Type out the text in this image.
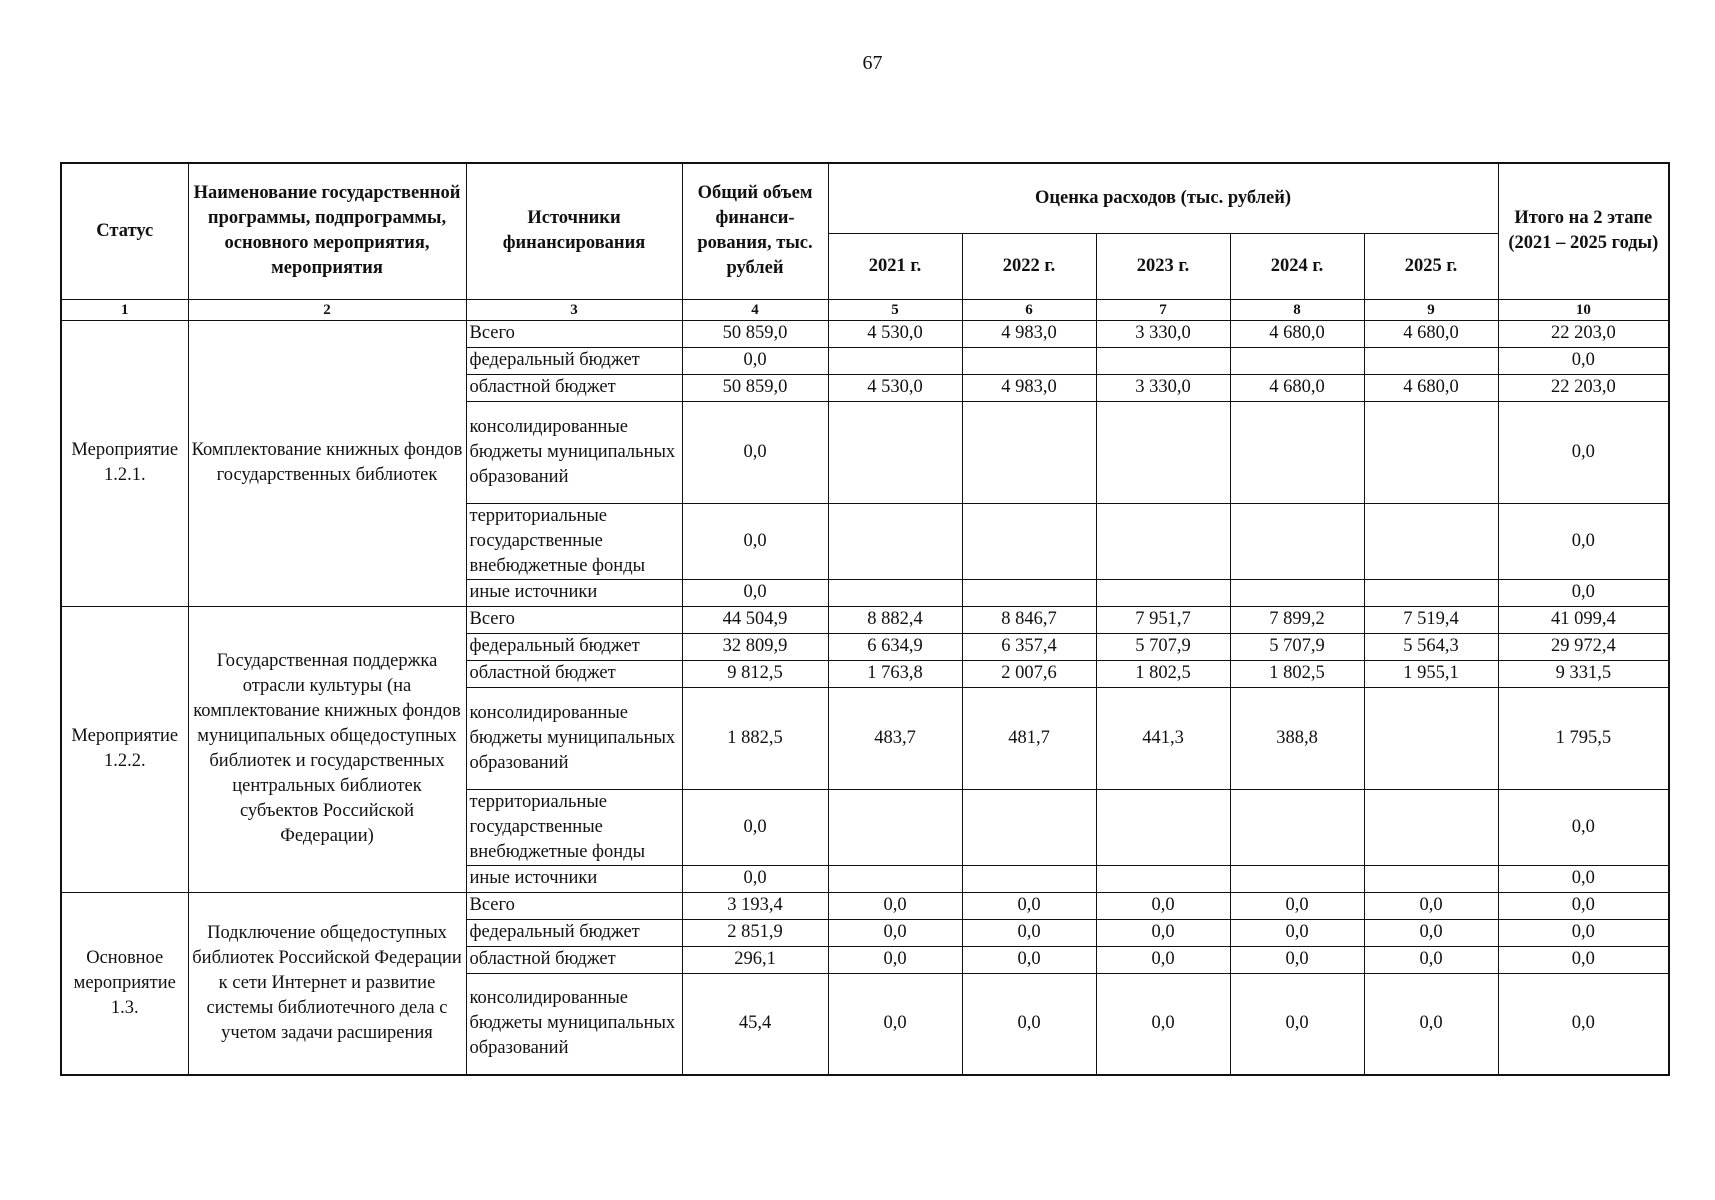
67
Статус	Наименование государственной программы, подпрограммы, основного мероприятия, мероприятия	Источники финансирования	Общий объем финанси-рования, тыс. рублей	Оценка расходов (тыс. рублей)					Итого на 2 этапе (2021 – 2025 годы)
				2021 г.	2022 г.	2023 г.	2024 г.	2025 г.	
1	2	3	4	5	6	7	8	9	10
Мероприятие 1.2.1.	Комплектование книжных фондов государственных библиотек	Всего	50 859,0	4 530,0	4 983,0	3 330,0	4 680,0	4 680,0	22 203,0
		федеральный бюджет	0,0						0,0
		областной бюджет	50 859,0	4 530,0	4 983,0	3 330,0	4 680,0	4 680,0	22 203,0
		консолидированные бюджеты муниципальных образований	0,0						0,0
		территориальные государственные внебюджетные фонды	0,0						0,0
		иные источники	0,0						0,0
Мероприятие 1.2.2.	Государственная поддержка отрасли культуры (на комплектование книжных фондов муниципальных общедоступных библиотек и государственных центральных библиотек субъектов Российской Федерации)	Всего	44 504,9	8 882,4	8 846,7	7 951,7	7 899,2	7 519,4	41 099,4
		федеральный бюджет	32 809,9	6 634,9	6 357,4	5 707,9	5 707,9	5 564,3	29 972,4
		областной бюджет	9 812,5	1 763,8	2 007,6	1 802,5	1 802,5	1 955,1	9 331,5
		консолидированные бюджеты муниципальных образований	1 882,5	483,7	481,7	441,3	388,8		1 795,5
		территориальные государственные внебюджетные фонды	0,0						0,0
		иные источники	0,0						0,0
Основное мероприятие 1.3.	Подключение общедоступных библиотек Российской Федерации к сети Интернет и развитие системы библиотечного дела с учетом задачи расширения	Всего	3 193,4	0,0	0,0	0,0	0,0	0,0	0,0
		федеральный бюджет	2 851,9	0,0	0,0	0,0	0,0	0,0	0,0
		областной бюджет	296,1	0,0	0,0	0,0	0,0	0,0	0,0
		консолидированные бюджеты муниципальных образований	45,4	0,0	0,0	0,0	0,0	0,0	0,0
